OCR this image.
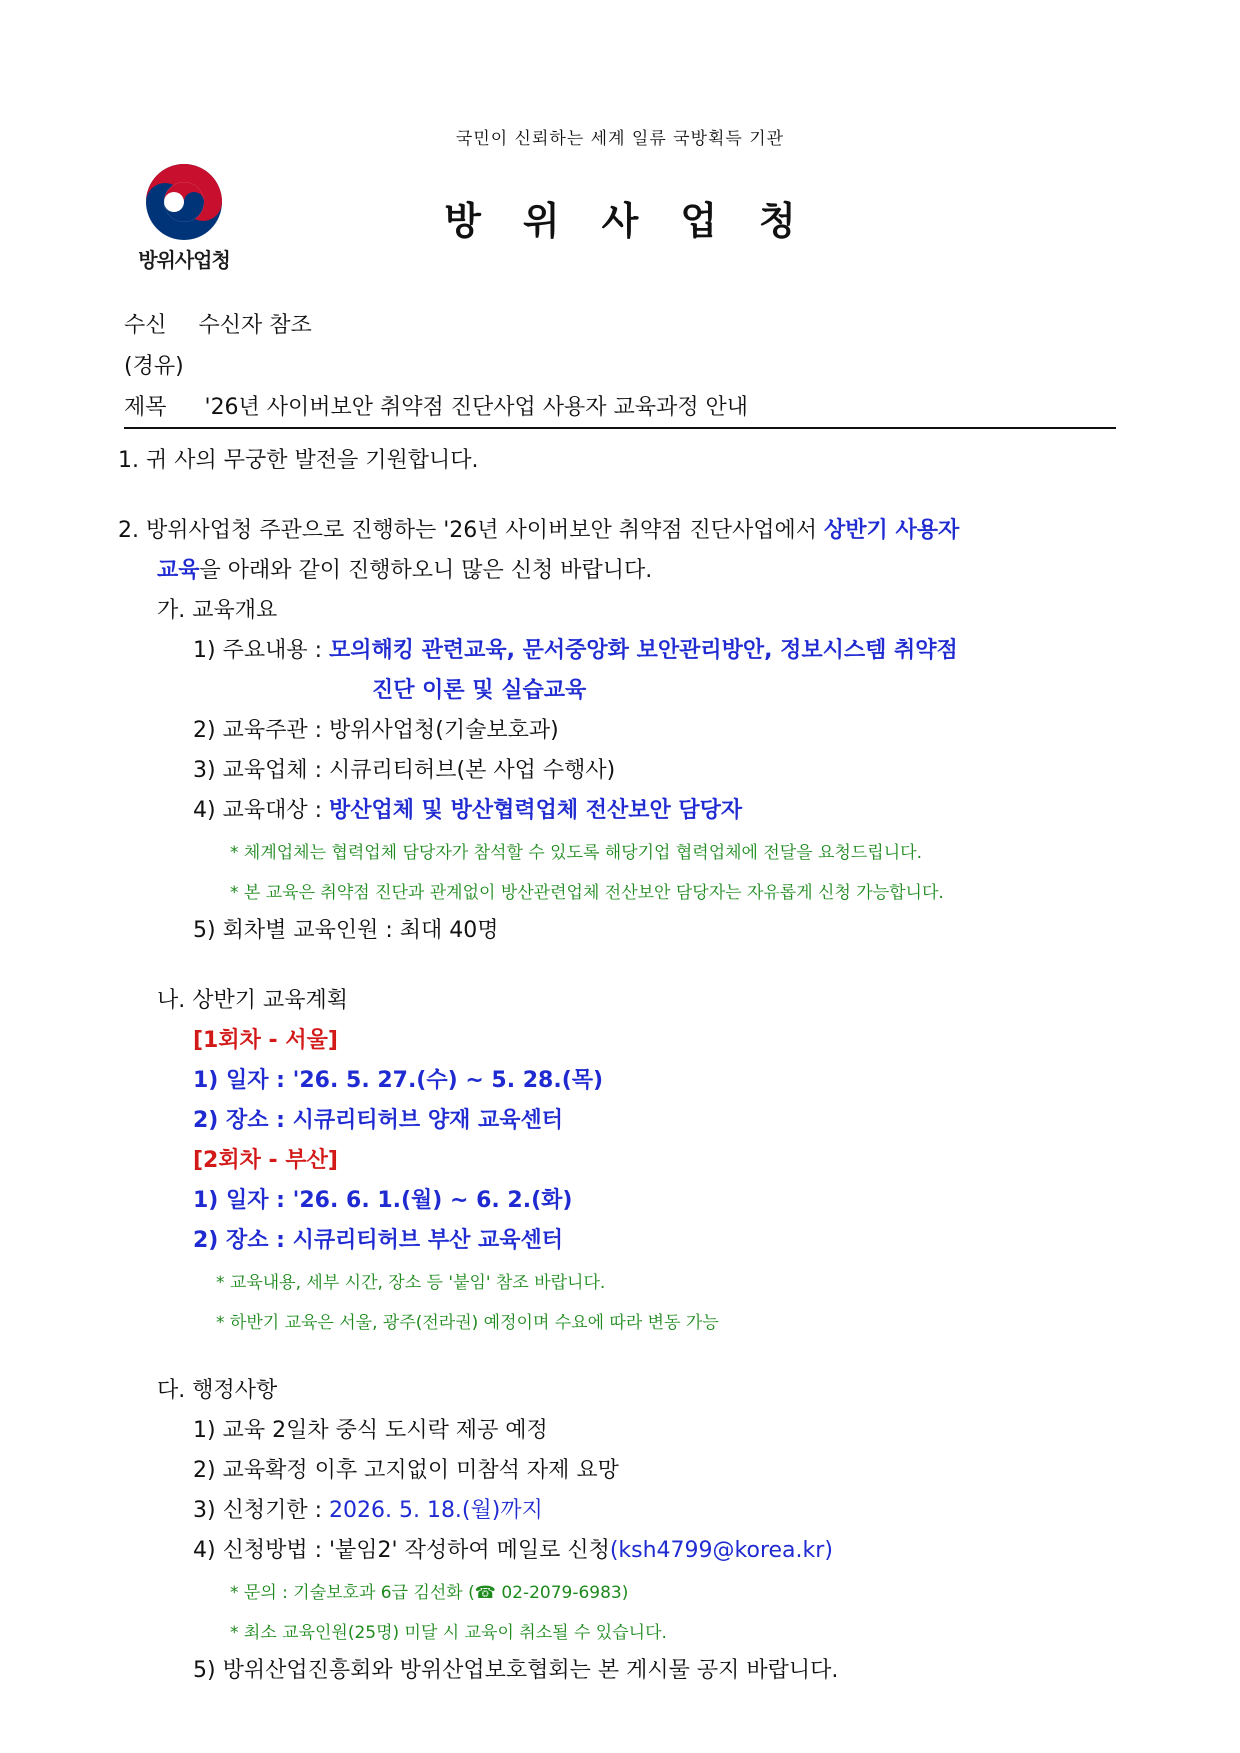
국민이 신뢰하는 세계 일류 국방획득 기관
방위사업청
방위사업청
수신 수신자 참조
(경유)
제목 '26년 사이버보안 취약점 진단사업 사용자 교육과정 안내
1. 귀 사의 무궁한 발전을 기원합니다.
2. 방위사업청 주관으로 진행하는 '26년 사이버보안 취약점 진단사업에서 상반기 사용자
교육을 아래와 같이 진행하오니 많은 신청 바랍니다.
가. 교육개요
1) 주요내용 : 모의해킹 관련교육, 문서중앙화 보안관리방안, 정보시스템 취약점
진단 이론 및 실습교육
2) 교육주관 : 방위사업청(기술보호과)
3) 교육업체 : 시큐리티허브(본 사업 수행사)
4) 교육대상 : 방산업체 및 방산협력업체 전산보안 담당자
* 체계업체는 협력업체 담당자가 참석할 수 있도록 해당기업 협력업체에 전달을 요청드립니다.
* 본 교육은 취약점 진단과 관계없이 방산관련업체 전산보안 담당자는 자유롭게 신청 가능합니다.
5) 회차별 교육인원 : 최대 40명
나. 상반기 교육계획
[1회차 - 서울]
1) 일자 : '26. 5. 27.(수) ~ 5. 28.(목)
2) 장소 : 시큐리티허브 양재 교육센터
[2회차 - 부산]
1) 일자 : '26. 6. 1.(월) ~ 6. 2.(화)
2) 장소 : 시큐리티허브 부산 교육센터
* 교육내용, 세부 시간, 장소 등 '붙임' 참조 바랍니다.
* 하반기 교육은 서울, 광주(전라권) 예정이며 수요에 따라 변동 가능
다. 행정사항
1) 교육 2일차 중식 도시락 제공 예정
2) 교육확정 이후 고지없이 미참석 자제 요망
3) 신청기한 : 2026. 5. 18.(월)까지
4) 신청방법 : '붙임2' 작성하여 메일로 신청(ksh4799@korea.kr)
* 문의 : 기술보호과 6급 김선화 (☎ 02-2079-6983)
* 최소 교육인원(25명) 미달 시 교육이 취소될 수 있습니다.
5) 방위산업진흥회와 방위산업보호협회는 본 게시물 공지 바랍니다.
